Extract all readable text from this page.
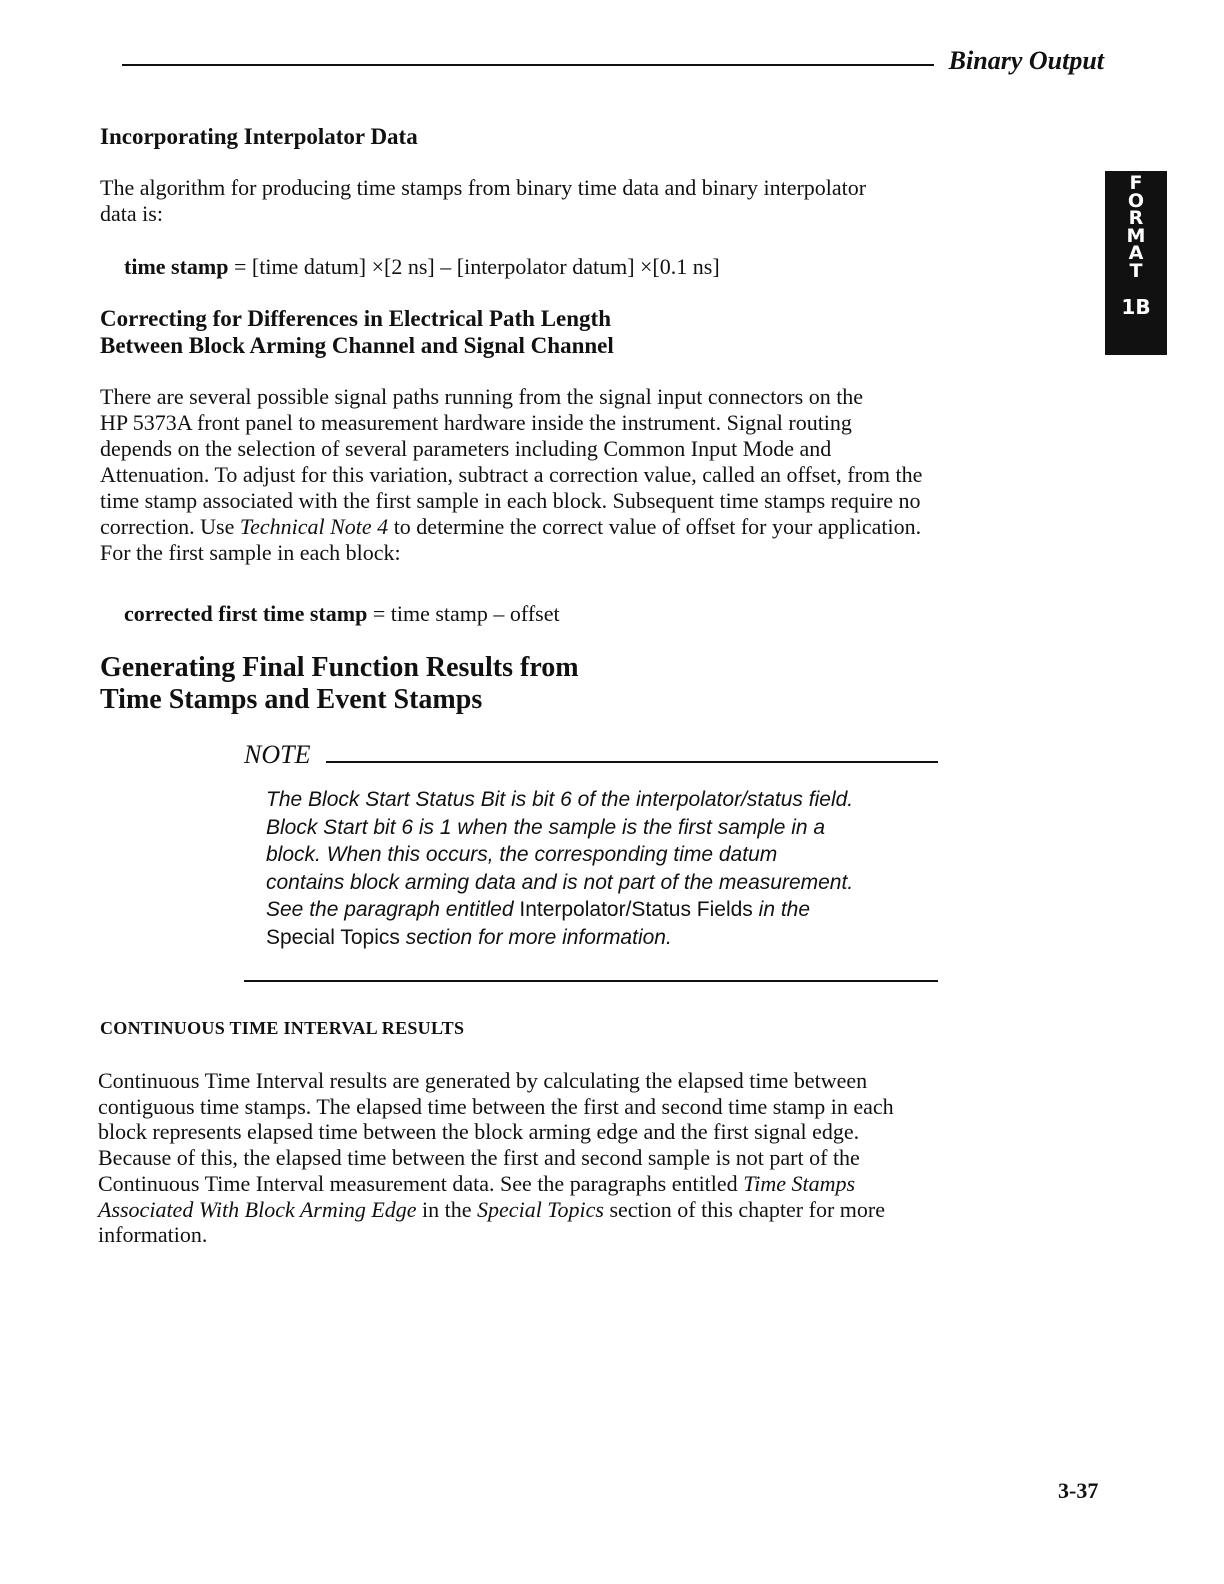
Binary Output
F
O
R
M
A
T
1B
Incorporating Interpolator Data
The algorithm for producing time stamps from binary time data and binary interpolator
data is:
time stamp = [time datum] ×[2 ns] – [interpolator datum] ×[0.1 ns]
Correcting for Differences in Electrical Path Length
Between Block Arming Channel and Signal Channel
There are several possible signal paths running from the signal input connectors on the
HP 5373A front panel to measurement hardware inside the instrument. Signal routing
depends on the selection of several parameters including Common Input Mode and
Attenuation. To adjust for this variation, subtract a correction value, called an offset, from the
time stamp associated with the first sample in each block. Subsequent time stamps require no
correction. Use Technical Note 4 to determine the correct value of offset for your application.
For the first sample in each block:
corrected first time stamp = time stamp – offset
Generating Final Function Results from
Time Stamps and Event Stamps
NOTE
The Block Start Status Bit is bit 6 of the interpolator/status field.
Block Start bit 6 is 1 when the sample is the first sample in a
block. When this occurs, the corresponding time datum
contains block arming data and is not part of the measurement.
See the paragraph entitled Interpolator/Status Fields in the
Special Topics section for more information.
CONTINUOUS TIME INTERVAL RESULTS
Continuous Time Interval results are generated by calculating the elapsed time between
contiguous time stamps. The elapsed time between the first and second time stamp in each
block represents elapsed time between the block arming edge and the first signal edge.
Because of this, the elapsed time between the first and second sample is not part of the
Continuous Time Interval measurement data. See the paragraphs entitled Time Stamps
Associated With Block Arming Edge in the Special Topics section of this chapter for more
information.
3-37
